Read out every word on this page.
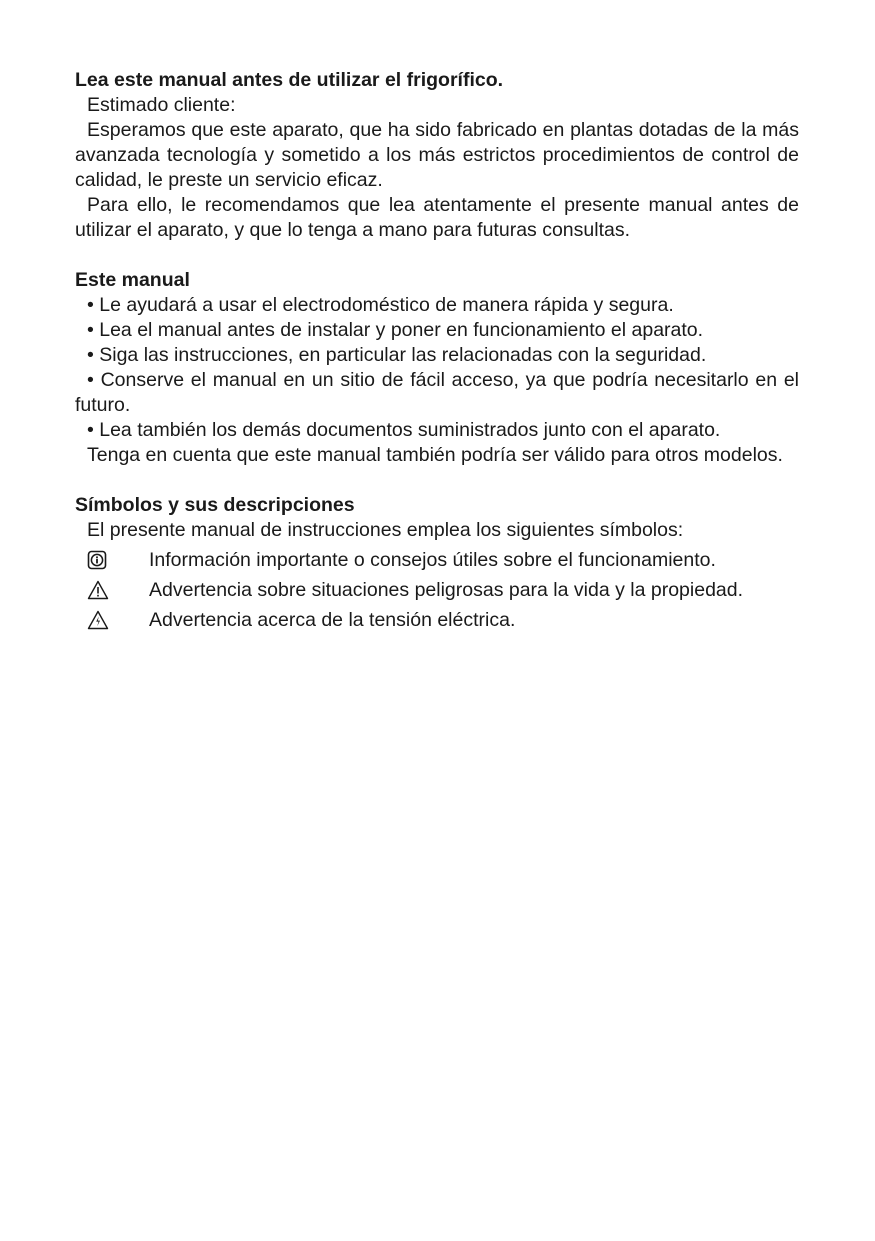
Lea este manual antes de utilizar el frigorífico.

Estimado cliente:

Esperamos que este aparato, que ha sido fabricado en plantas dotadas de la más avanzada tecnología y sometido a los más estrictos procedimientos de control de calidad, le preste un servicio eficaz.

Para ello, le recomendamos que lea atentamente el presente manual antes de utilizar el aparato, y que lo tenga a mano para futuras consultas.

Este manual

• Le ayudará a usar el electrodoméstico de manera rápida y segura.

• Lea el manual antes de instalar y poner en funcionamiento el aparato.

• Siga las instrucciones, en particular las relacionadas con la seguridad.

• Conserve el manual en un sitio de fácil acceso, ya que podría necesitarlo en el futuro.

• Lea también los demás documentos suministrados junto con el aparato.

Tenga en cuenta que este manual también podría ser válido para otros modelos.

Símbolos y sus descripciones

El presente manual de instrucciones emplea los siguientes símbolos:

Información importante o consejos útiles sobre el funcionamiento.
Advertencia sobre situaciones peligrosas para la vida y la propiedad.
Advertencia acerca de la tensión eléctrica.
